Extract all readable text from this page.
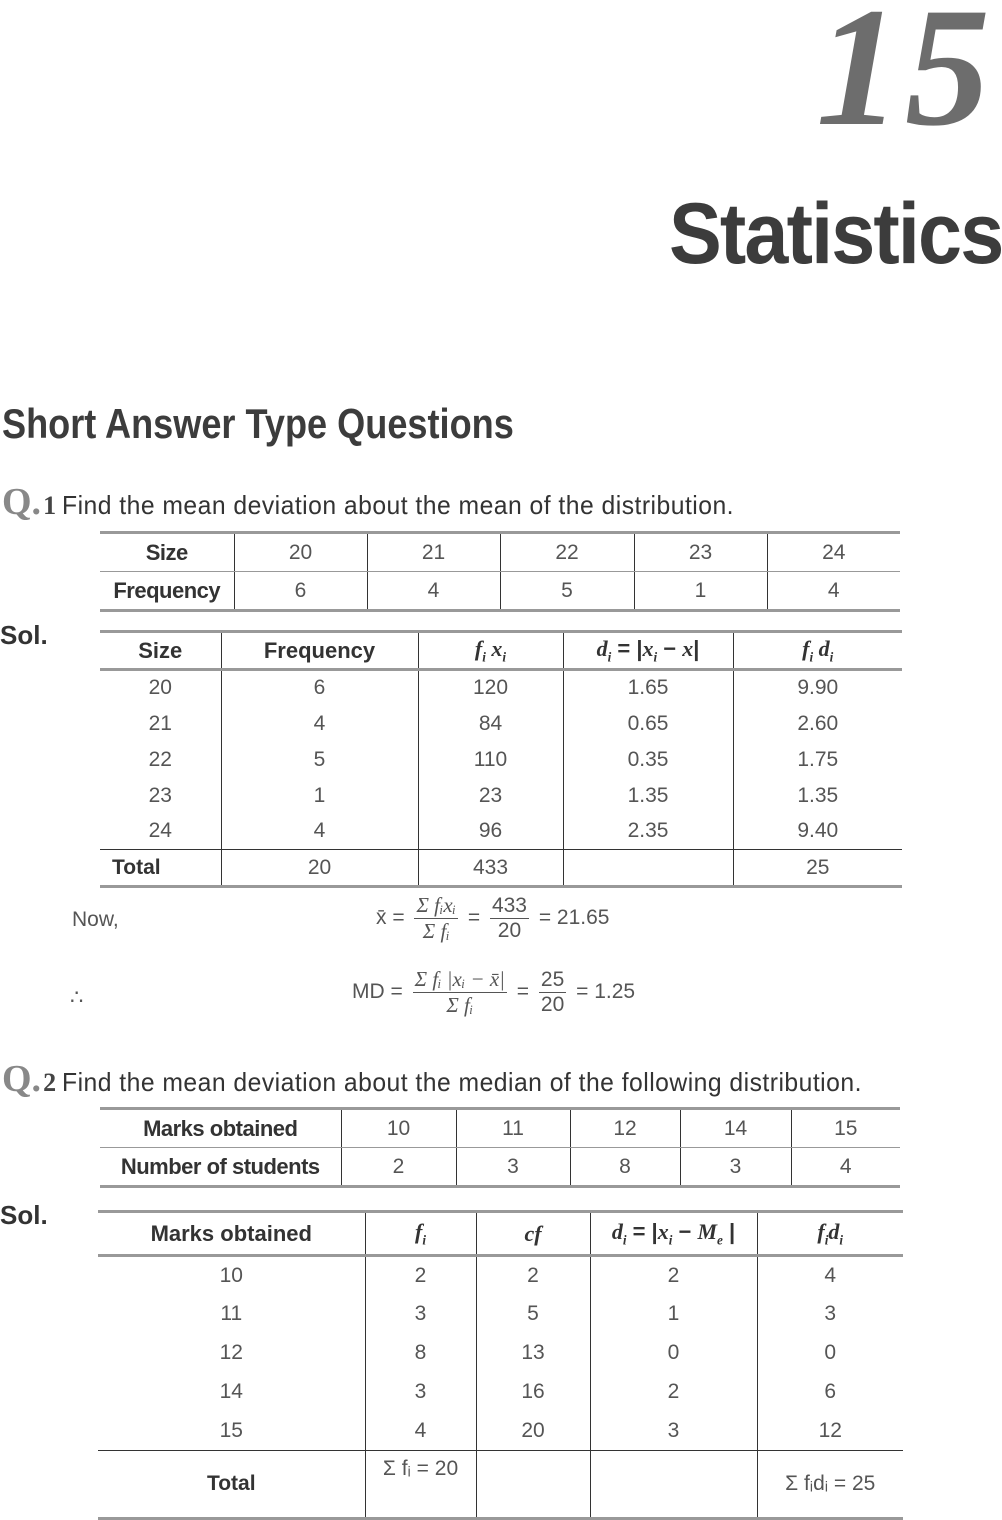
15
Statistics
Short Answer Type Questions
Q.1 Find the mean deviation about the mean of the distribution.
Size	20	21	22	23	24
Frequency	6	4	5	1	4
Sol.	Size	Frequency	$f_i$ $x_i$	$d_i = |x_i - x|$	$f_i$ $d_i$
20	6	120	1.65	9.90
21	4	84	0.65	2.60
22	5	110	0.35	1.75
23	1	23	1.35	1.35
24	4	96	2.35	9.40
Total	20	433		25
Now,	x̄ = $\frac{\text{Σ fᵢxᵢ}}{\text{Σ fᵢ}} = \frac{433}{20} = 21.65$
∴	MD = $\frac{\text{Σ fᵢ |xᵢ − x̄|}}{\text{Σ fᵢ}} = \frac{25}{20} = 1.25$
Q.2 Find the mean deviation about the median of the following distribution.
Marks obtained	10	11	12	14	15
Number of students	2	3	8	3	4
Sol.
Marks obtained	$f_i$	cf	$d_i = |x_i - M_e$ |	$f_id_i$
10	2	2	2	4
11	3	5	1	3
12	8	13	0	0
14	3	16	2	6
15	4	20	3	12
Total	Σ fᵢ = 20			Σ fᵢdᵢ = 25
